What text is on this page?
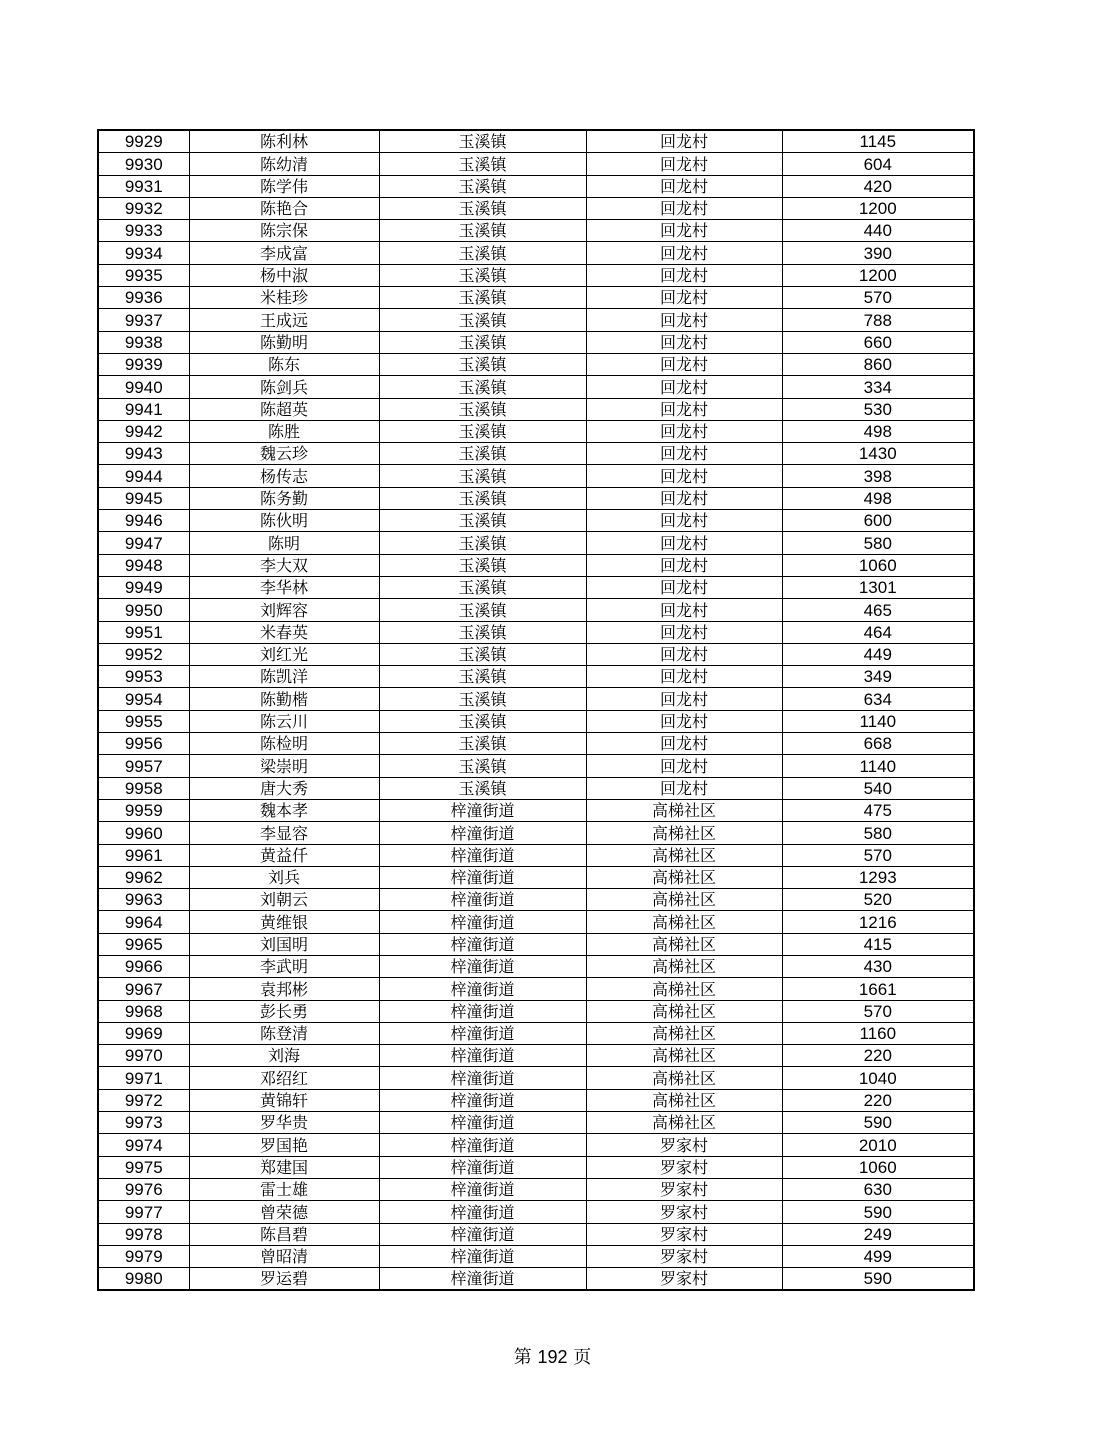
9929	陈利林	玉溪镇	回龙村	1145
9930	陈幼清	玉溪镇	回龙村	604
9931	陈学伟	玉溪镇	回龙村	420
9932	陈艳合	玉溪镇	回龙村	1200
9933	陈宗保	玉溪镇	回龙村	440
9934	李成富	玉溪镇	回龙村	390
9935	杨中淑	玉溪镇	回龙村	1200
9936	米桂珍	玉溪镇	回龙村	570
9937	王成远	玉溪镇	回龙村	788
9938	陈勤明	玉溪镇	回龙村	660
9939	陈东	玉溪镇	回龙村	860
9940	陈剑兵	玉溪镇	回龙村	334
9941	陈超英	玉溪镇	回龙村	530
9942	陈胜	玉溪镇	回龙村	498
9943	魏云珍	玉溪镇	回龙村	1430
9944	杨传志	玉溪镇	回龙村	398
9945	陈务勤	玉溪镇	回龙村	498
9946	陈伙明	玉溪镇	回龙村	600
9947	陈明	玉溪镇	回龙村	580
9948	李大双	玉溪镇	回龙村	1060
9949	李华林	玉溪镇	回龙村	1301
9950	刘辉容	玉溪镇	回龙村	465
9951	米春英	玉溪镇	回龙村	464
9952	刘红光	玉溪镇	回龙村	449
9953	陈凯洋	玉溪镇	回龙村	349
9954	陈勤楷	玉溪镇	回龙村	634
9955	陈云川	玉溪镇	回龙村	1140
9956	陈检明	玉溪镇	回龙村	668
9957	梁崇明	玉溪镇	回龙村	1140
9958	唐大秀	玉溪镇	回龙村	540
9959	魏本孝	梓潼街道	高梯社区	475
9960	李显容	梓潼街道	高梯社区	580
9961	黄益仟	梓潼街道	高梯社区	570
9962	刘兵	梓潼街道	高梯社区	1293
9963	刘朝云	梓潼街道	高梯社区	520
9964	黄维银	梓潼街道	高梯社区	1216
9965	刘国明	梓潼街道	高梯社区	415
9966	李武明	梓潼街道	高梯社区	430
9967	袁邦彬	梓潼街道	高梯社区	1661
9968	彭长勇	梓潼街道	高梯社区	570
9969	陈登清	梓潼街道	高梯社区	1160
9970	刘海	梓潼街道	高梯社区	220
9971	邓绍红	梓潼街道	高梯社区	1040
9972	黄锦轩	梓潼街道	高梯社区	220
9973	罗华贵	梓潼街道	高梯社区	590
9974	罗国艳	梓潼街道	罗家村	2010
9975	郑建国	梓潼街道	罗家村	1060
9976	雷士雄	梓潼街道	罗家村	630
9977	曾荣德	梓潼街道	罗家村	590
9978	陈昌碧	梓潼街道	罗家村	249
9979	曾昭清	梓潼街道	罗家村	499
9980	罗运碧	梓潼街道	罗家村	590
第 192 页
